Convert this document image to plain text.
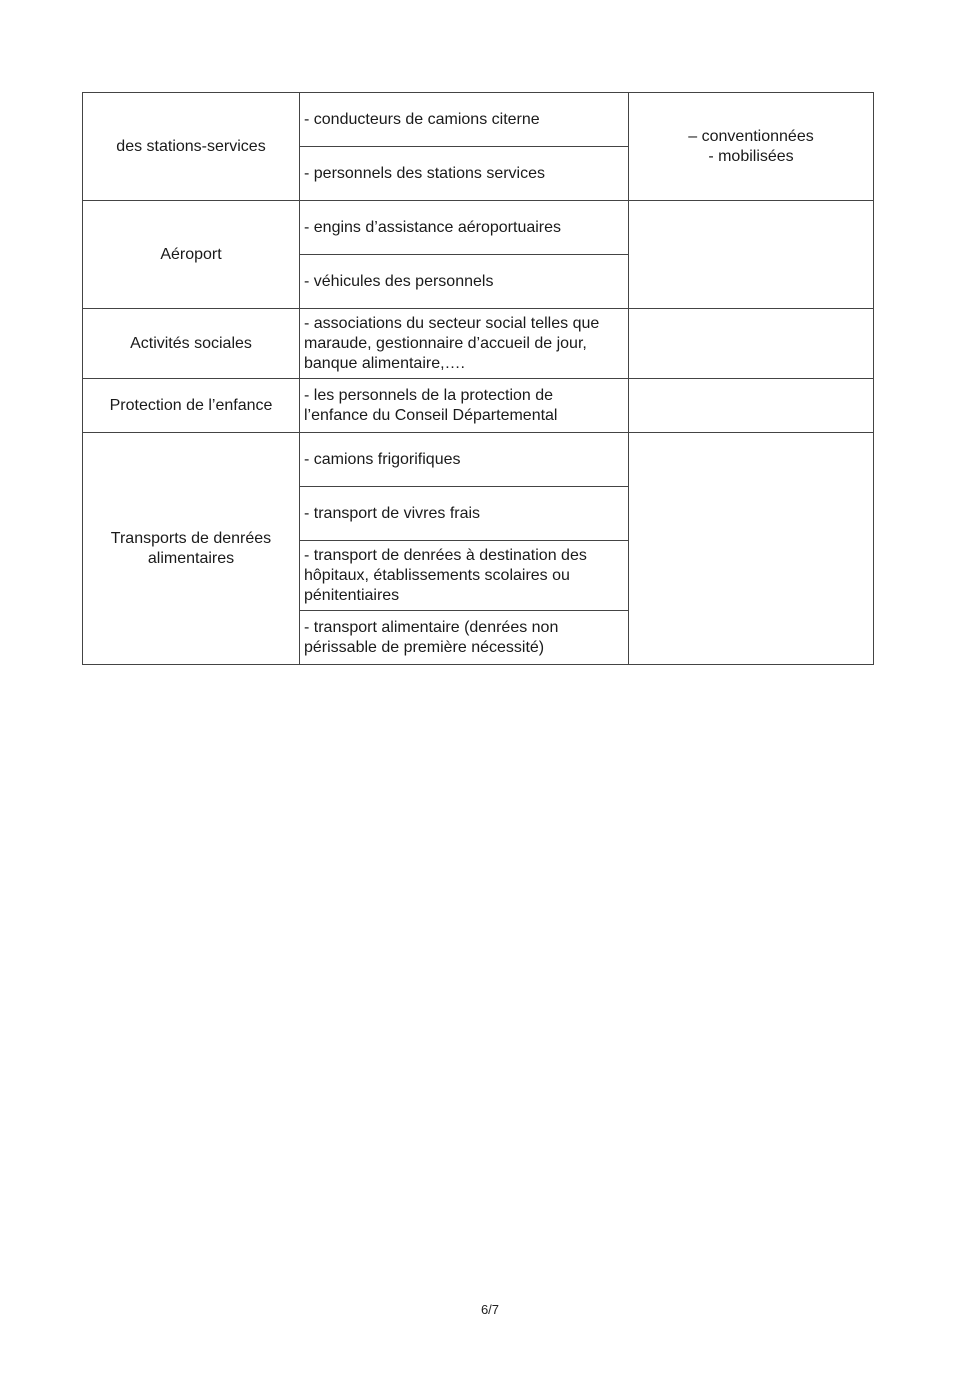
des stations-services	- conducteurs de camions citerne	– conventionnées
- mobilisées

	- personnels des stations services	

Aéroport	- engins d’assistance aéroportuaires	

	- véhicules des personnels	

Activités sociales	- associations du secteur social telles que maraude, gestionnaire d’accueil de jour, banque alimentaire,….	

Protection de l’enfance	- les personnels de la protection de l’enfance du Conseil Départemental	

Transports de denrées alimentaires	- camions frigorifiques	

	- transport de vivres frais	

	- transport de denrées à destination des hôpitaux, établissements scolaires ou pénitentiaires	

	- transport alimentaire (denrées non périssable de première nécessité)	
6/7
